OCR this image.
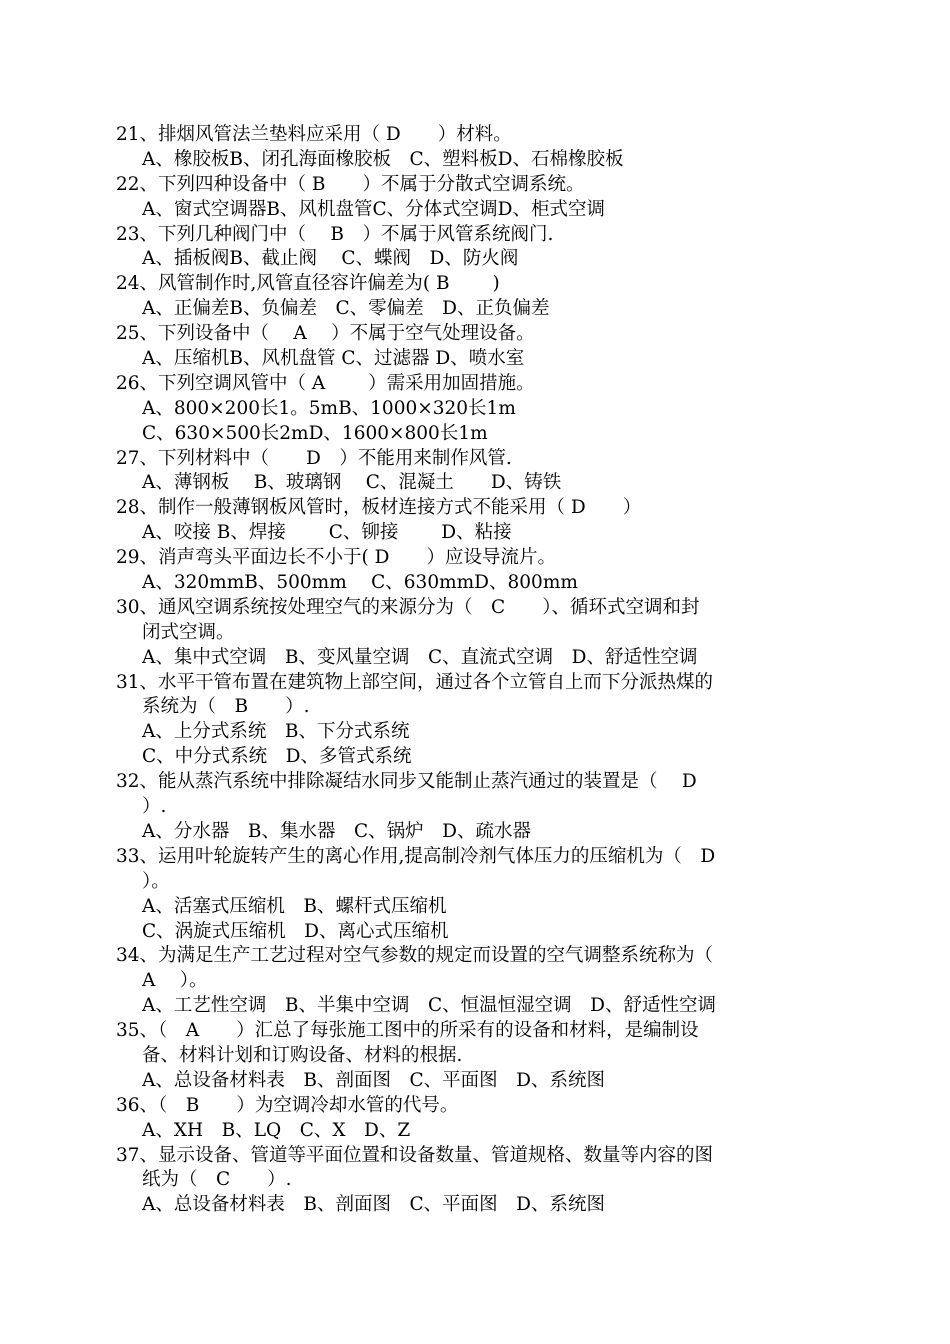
21、排烟风管法兰垫料应采用（ D　　）材料。
A、橡胶板B、闭孔海面橡胶板　C、塑料板D、石棉橡胶板
22、下列四种设备中（ B　　）不属于分散式空调系统。
A、窗式空调器B、风机盘管C、分体式空调D、柜式空调
23、下列几种阀门中（　 B　）不属于风管系统阀门.
A、插板阀B、截止阀　 C、蝶阀　D、防火阀
24、风管制作时,风管直径容许偏差为( B　　 )
A、正偏差B、负偏差　C、零偏差　D、正负偏差
25、下列设备中（　 A　 ）不属于空气处理设备。
A、压缩机B、风机盘管 C、过滤器 D、喷水室
26、下列空调风管中（ A　　 ）需采用加固措施。
A、800×200长1。5mB、1000×320长1m
C、630×500长2mD、1600×800长1m
27、下列材料中（　　D　）不能用来制作风管.
A、薄钢板　 B、玻璃钢　 C、混凝土　　D、铸铁
28、制作一般薄钢板风管时，板材连接方式不能采用（ D　　）
A、咬接 B、焊接　　 C、铆接　　 D、粘接
29、消声弯头平面边长不小于( D　　）应设导流片。
A、320mmB、500mm　 C、630mmD、800mm
30、通风空调系统按处理空气的来源分为（　C　　）、循环式空调和封
闭式空调。
A、集中式空调　B、变风量空调　C、直流式空调　D、舒适性空调
31、水平干管布置在建筑物上部空间，通过各个立管自上而下分派热煤的
系统为（　B　　）.
A、上分式系统　B、下分式系统
C、中分式系统　D、多管式系统
32、能从蒸汽系统中排除凝结水同步又能制止蒸汽通过的装置是（　 D
）.
A、分水器　B、集水器　C、锅炉　D、疏水器
33、运用叶轮旋转产生的离心作用,提高制冷剂气体压力的压缩机为（　D
）。
A、活塞式压缩机　B、螺杆式压缩机
C、涡旋式压缩机　D、离心式压缩机
34、为满足生产工艺过程对空气参数的规定而设置的空气调整系统称为（
A　 ）。
A、工艺性空调　B、半集中空调　C、恒温恒湿空调　D、舒适性空调
35、（　A　　）汇总了每张施工图中的所采有的设备和材料，是编制设
备、材料计划和订购设备、材料的根据.
A、总设备材料表　B、剖面图　C、平面图　D、系统图
36、（　B　　）为空调冷却水管的代号。
A、XH　B、LQ　C、X　D、Z
37、显示设备、管道等平面位置和设备数量、管道规格、数量等内容的图
纸为（　C　　）.
A、总设备材料表　B、剖面图　C、平面图　D、系统图
